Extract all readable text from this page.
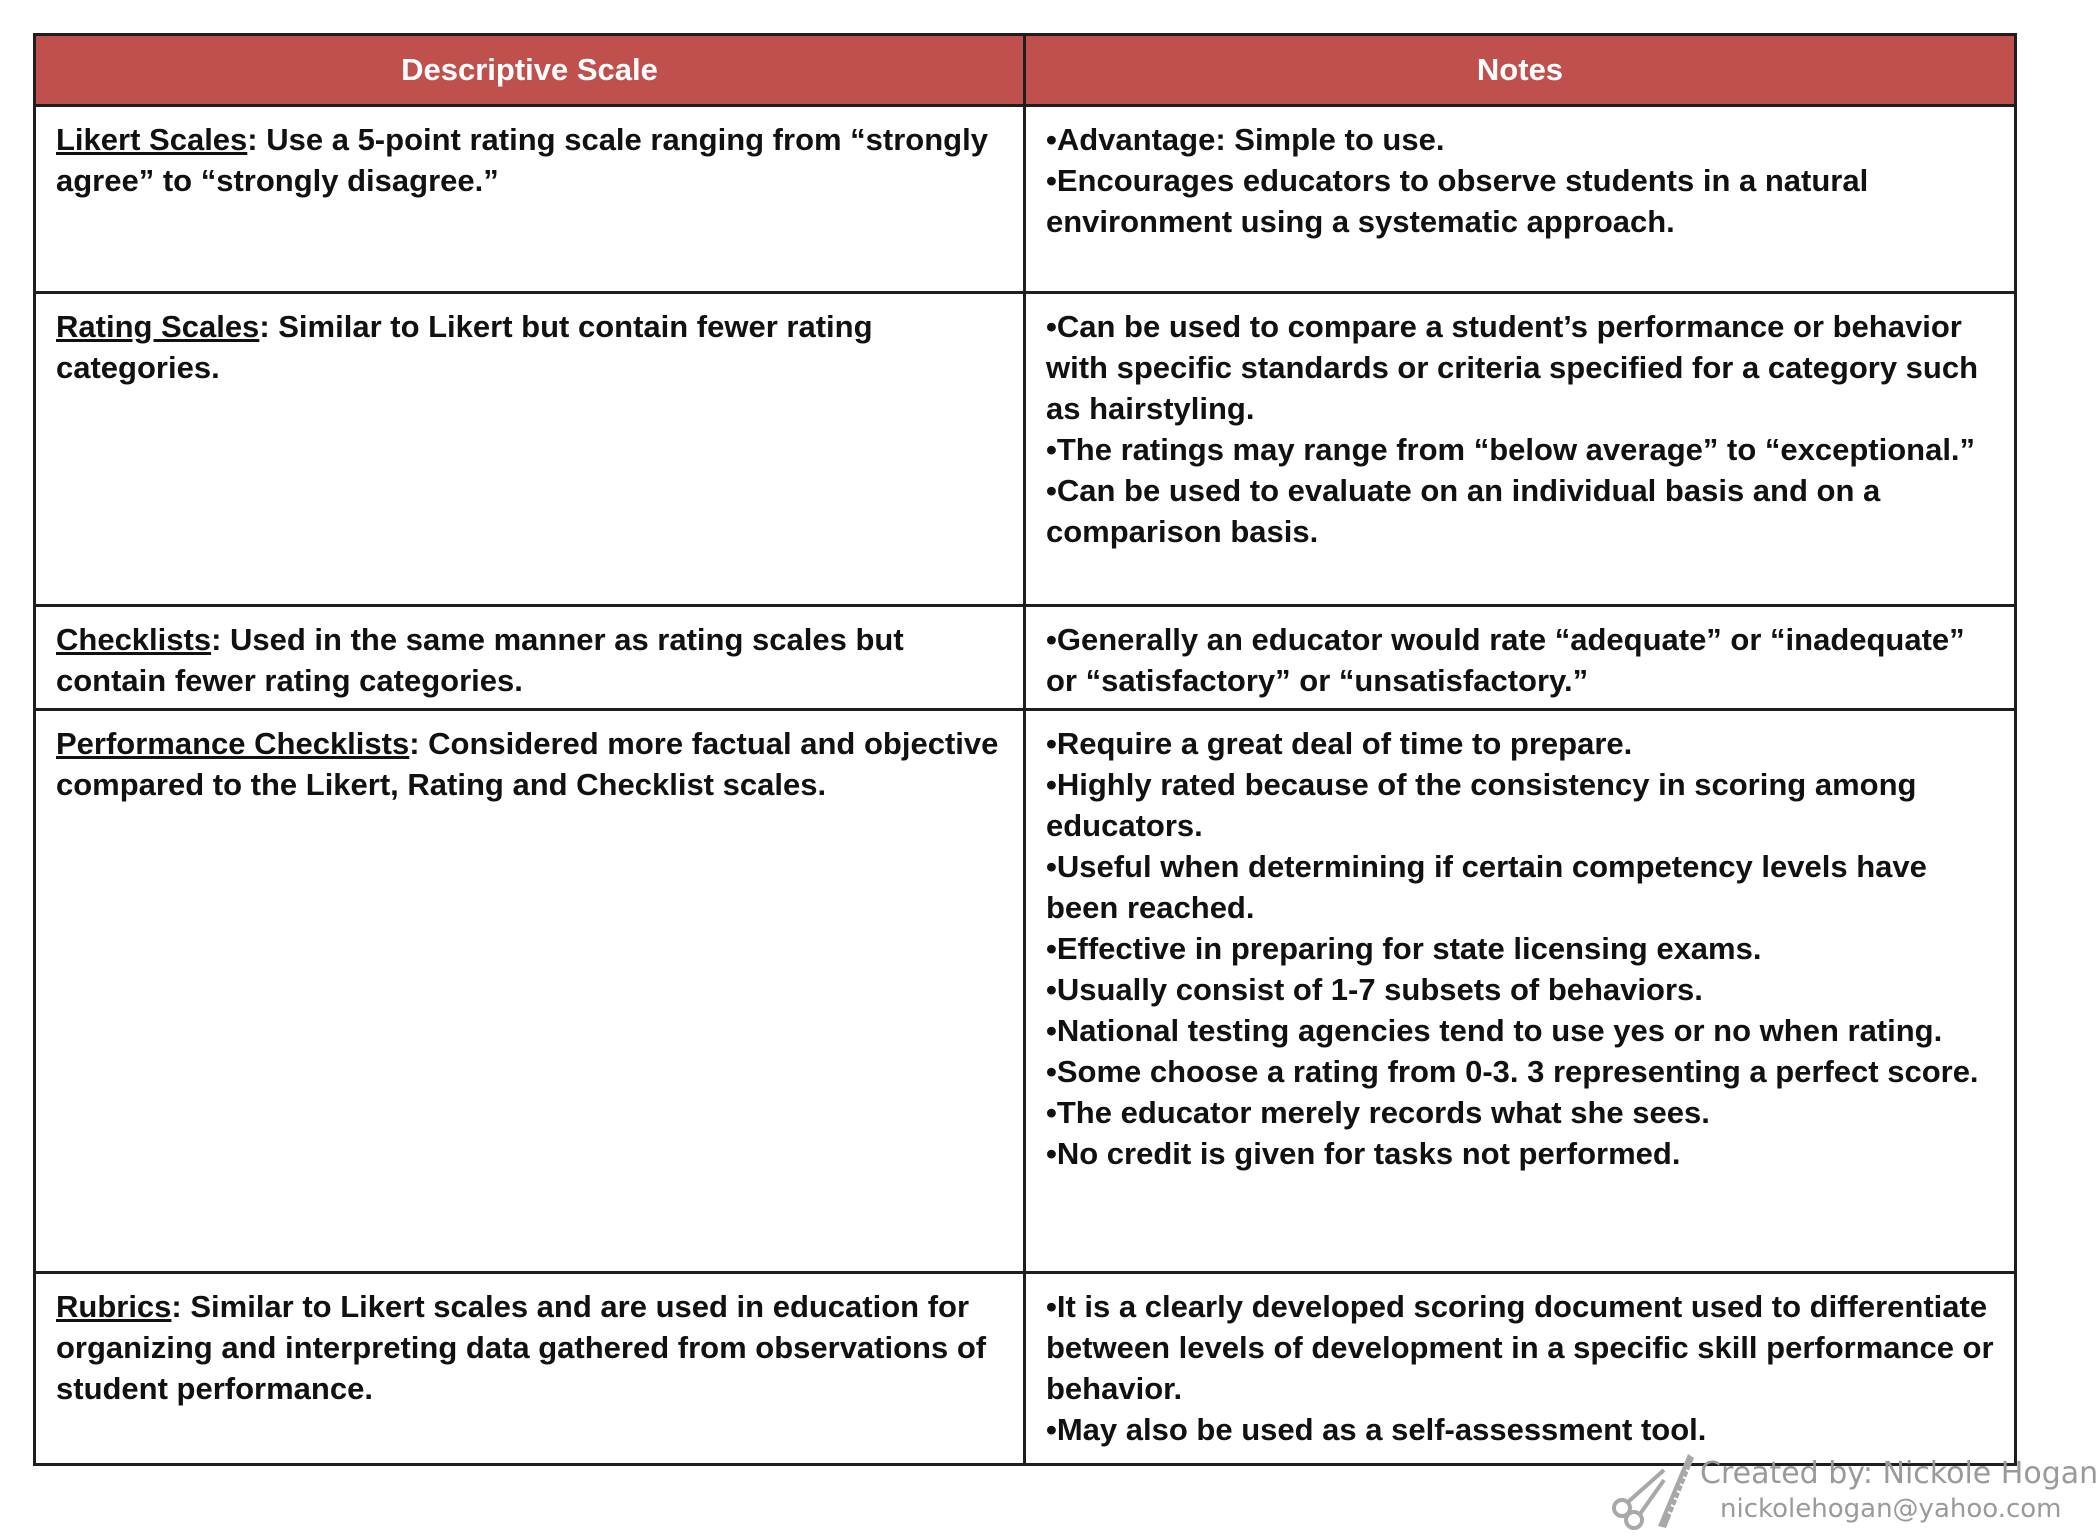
Descriptive Scale	Notes
Likert Scales: Use a 5-point rating scale ranging from “strongly agree” to “strongly disagree.”
•Advantage: Simple to use.
•Encourages educators to observe students in a natural environment using a systematic approach.
Rating Scales: Similar to Likert but contain fewer rating categories.
•Can be used to compare a student’s performance or behavior with specific standards or criteria specified for a category such as hairstyling.
•The ratings may range from “below average” to “exceptional.”
•Can be used to evaluate on an individual basis and on a comparison basis.
Checklists: Used in the same manner as rating scales but contain fewer rating categories.
•Generally an educator would rate “adequate” or “inadequate” or “satisfactory” or “unsatisfactory.”
Performance Checklists: Considered more factual and objective compared to the Likert, Rating and Checklist scales.
•Require a great deal of time to prepare.
•Highly rated because of the consistency in scoring among educators.
•Useful when determining if certain competency levels have been reached.
•Effective in preparing for state licensing exams.
•Usually consist of 1-7 subsets of behaviors.
•National testing agencies tend to use yes or no when rating.
•Some choose a rating from 0-3. 3 representing a perfect score.
•The educator merely records what she sees.
•No credit is given for tasks not performed.
Rubrics: Similar to Likert scales and are used in education for organizing and interpreting data gathered from observations of student performance.
•It is a clearly developed scoring document used to differentiate between levels of development in a specific skill performance or behavior.
•May also be used as a self-assessment tool.
Created by: Nickole Hogan
nickolehogan@yahoo.com
